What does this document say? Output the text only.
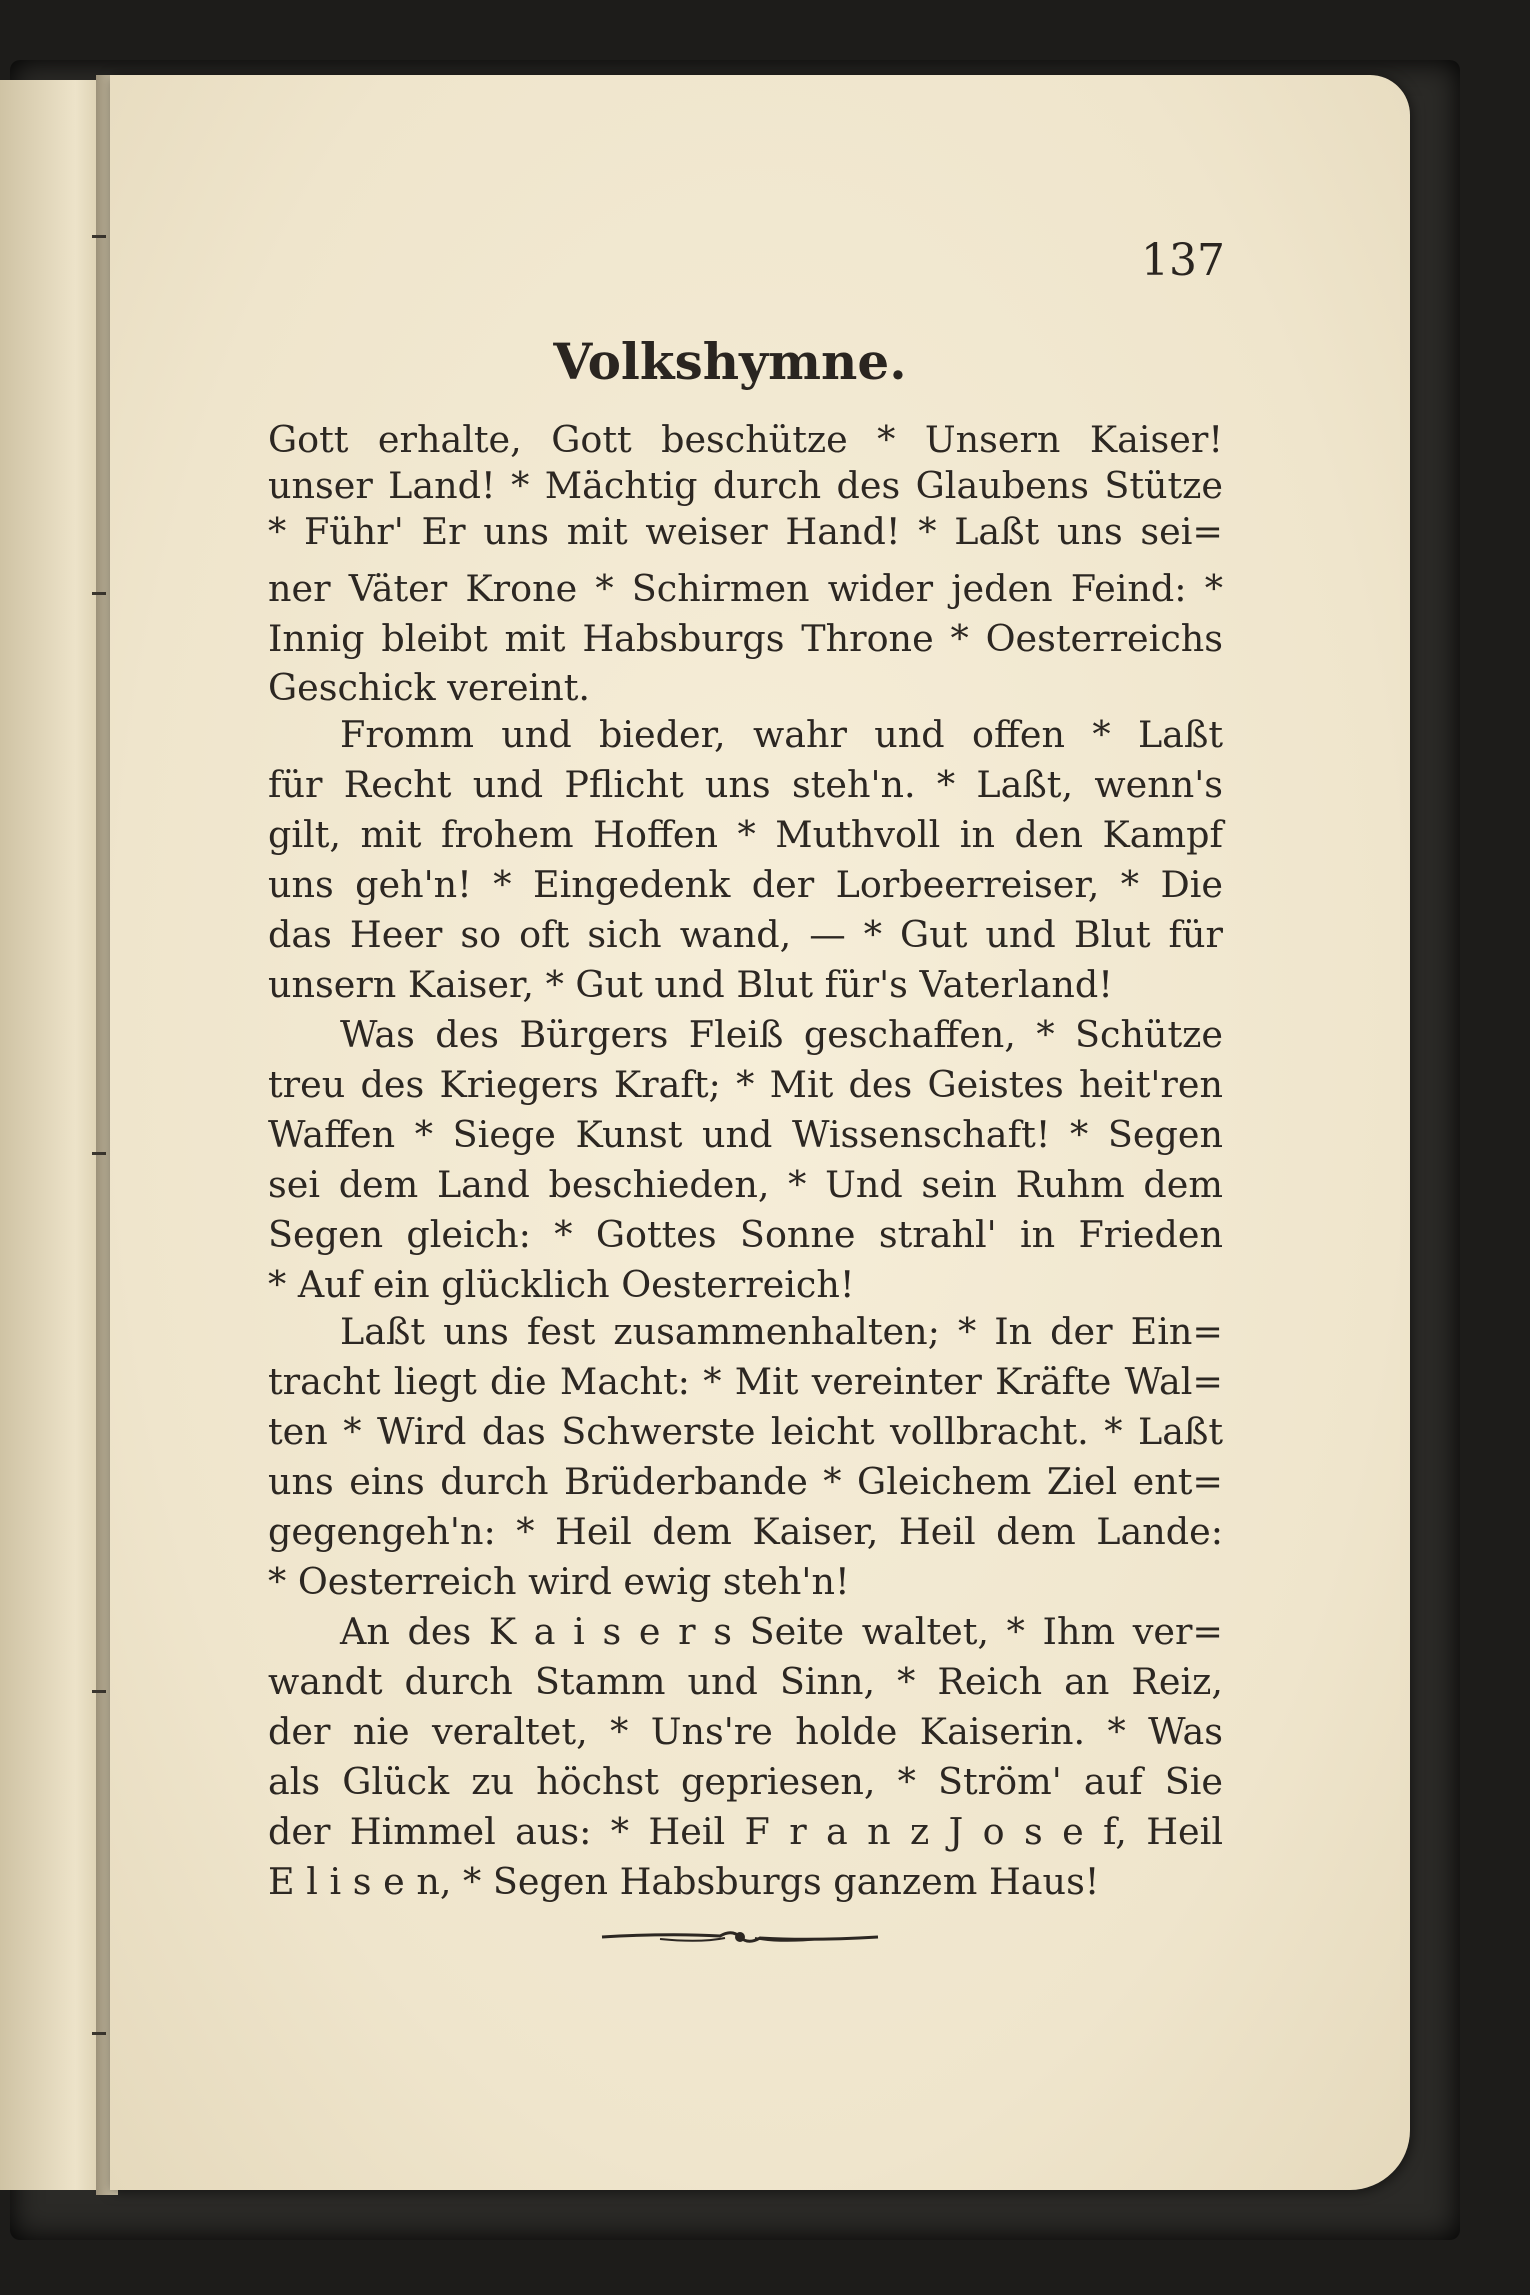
137
Volkshymne.
Gott erhalte, Gott beschütze * Unsern Kaiser!
unser Land! * Mächtig durch des Glaubens Stütze
* Führ' Er uns mit weiser Hand! * Laßt uns sei=
ner Väter Krone * Schirmen wider jeden Feind: *
Innig bleibt mit Habsburgs Throne * Oesterreichs
Geschick vereint.
Fromm und bieder, wahr und offen * Laßt
für Recht und Pflicht uns steh'n. * Laßt, wenn's
gilt, mit frohem Hoffen * Muthvoll in den Kampf
uns geh'n! * Eingedenk der Lorbeerreiser, * Die
das Heer so oft sich wand, — * Gut und Blut für
unsern Kaiser, * Gut und Blut für's Vaterland!
Was des Bürgers Fleiß geschaffen, * Schütze
treu des Kriegers Kraft; * Mit des Geistes heit'ren
Waffen * Siege Kunst und Wissenschaft! * Segen
sei dem Land beschieden, * Und sein Ruhm dem
Segen gleich: * Gottes Sonne strahl' in Frieden
* Auf ein glücklich Oesterreich!
Laßt uns fest zusammenhalten; * In der Ein=
tracht liegt die Macht: * Mit vereinter Kräfte Wal=
ten * Wird das Schwerste leicht vollbracht. * Laßt
uns eins durch Brüderbande * Gleichem Ziel ent=
gegengeh'n: * Heil dem Kaiser, Heil dem Lande:
* Oesterreich wird ewig steh'n!
An des K a i s e r s Seite waltet, * Ihm ver=
wandt durch Stamm und Sinn, * Reich an Reiz,
der nie veraltet, * Uns're holde Kaiserin. * Was
als Glück zu höchst gepriesen, * Ström' auf Sie
der Himmel aus: * Heil F r a n z J o s e f, Heil
E l i s e n, * Segen Habsburgs ganzem Haus!
